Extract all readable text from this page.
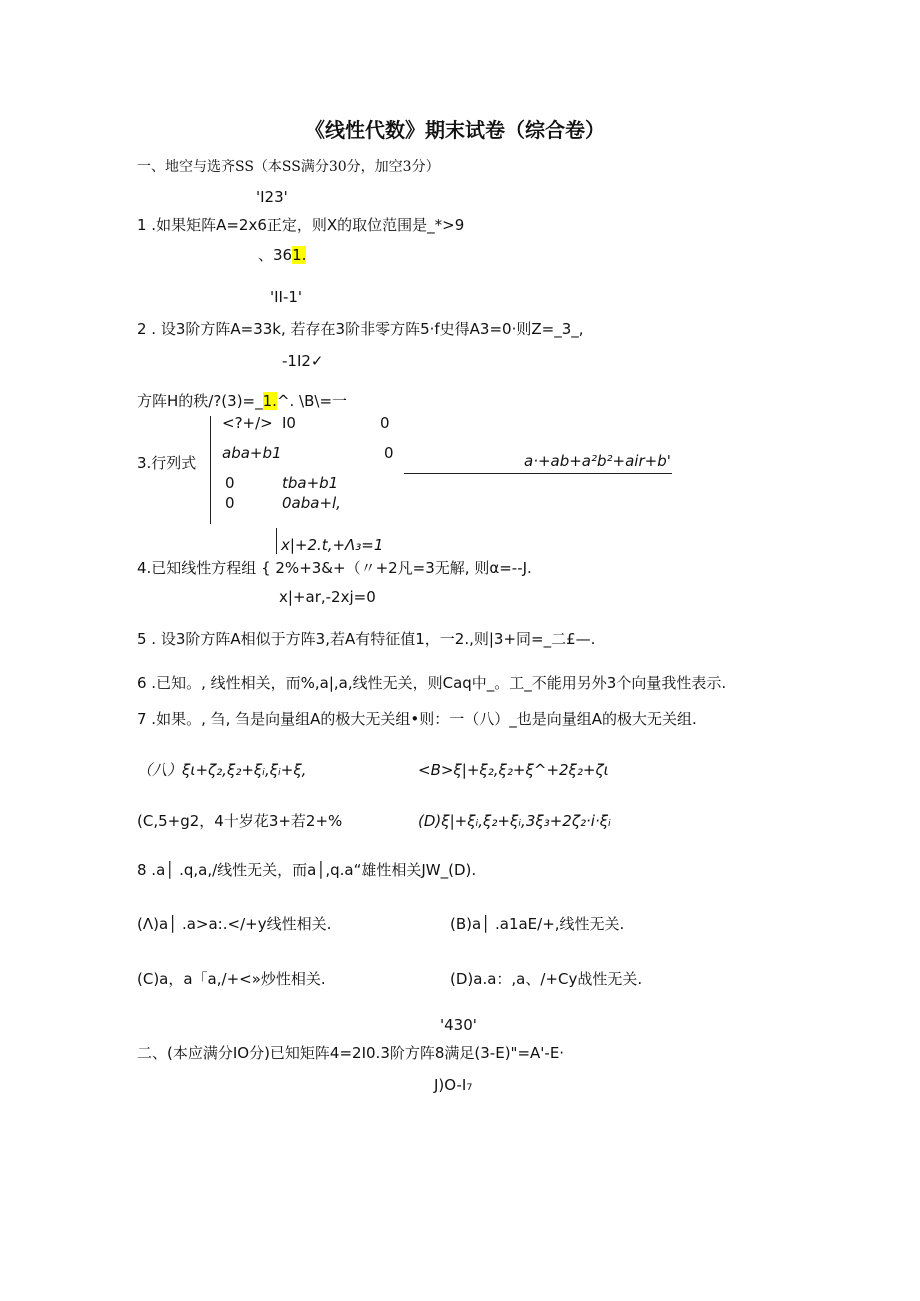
《线性代数》期末试卷（综合卷）
一、地空与选齐SS（本SS满分30分，加空3分）
'I23'
1 .如果矩阵A=2x6正定，则X的取位范围是_*>9
、361.
'II-1'
2 . 设3阶方阵A=33k, 若存在3阶非零方阵5·f史得A3=0·则Z=_3_,
-1I2✓
方阵H的秩/?(3)=_1.^. \B\=一
<?+/> I0	0
3.行列式
aba+b1	0	a·+ab+a²b²+air+b'
0	tba+b1
0	0aba+l,
x|+2.t,+Λ₃=1
4.已知线性方程组 { 2%+3&+（〃+2凡=3无解, 则α=--J.
x|+ar,-2xj=0
5 . 设3阶方阵A相似于方阵3,若A有特征值1，一2.,则|3+同=_二£—.
6 .已知。, 线性相关，而%,a|,a,线性无关，则Caq中_。工_不能用另外3个向量我性表示.
7 .如果。, 刍, 刍是向量组A的极大无关组•则：一（八）_也是向量组A的极大无关组.
（八）ξι+ζ₂,ξ₂+ξᵢ,ξᵢ+ξ,	<B>ξ|+ξ₂,ξ₂+ξ^+2ξ₂+ζι
(C,5+g2，4十岁花3+若2+%	(D)ξ|+ξᵢ,ξ₂+ξᵢ,3ξ₃+2ζ₂·i·ξᵢ
8 .a│ .q,a,/线性无关，而a│,q.a“雄性相关JW_(D).
(Λ)a│ .a>a:.</+y线性相关.	(B)a│ .a1aE/+,线性无关.
(C)a，a「a,/+<»炒性相关.	(D)a.a：,a、/+Cy战性无关.
'430'
二、(本应满分IO分)已知矩阵4=2I0.3阶方阵8满足(3-E)"=A'-E·
J)O-I₇
